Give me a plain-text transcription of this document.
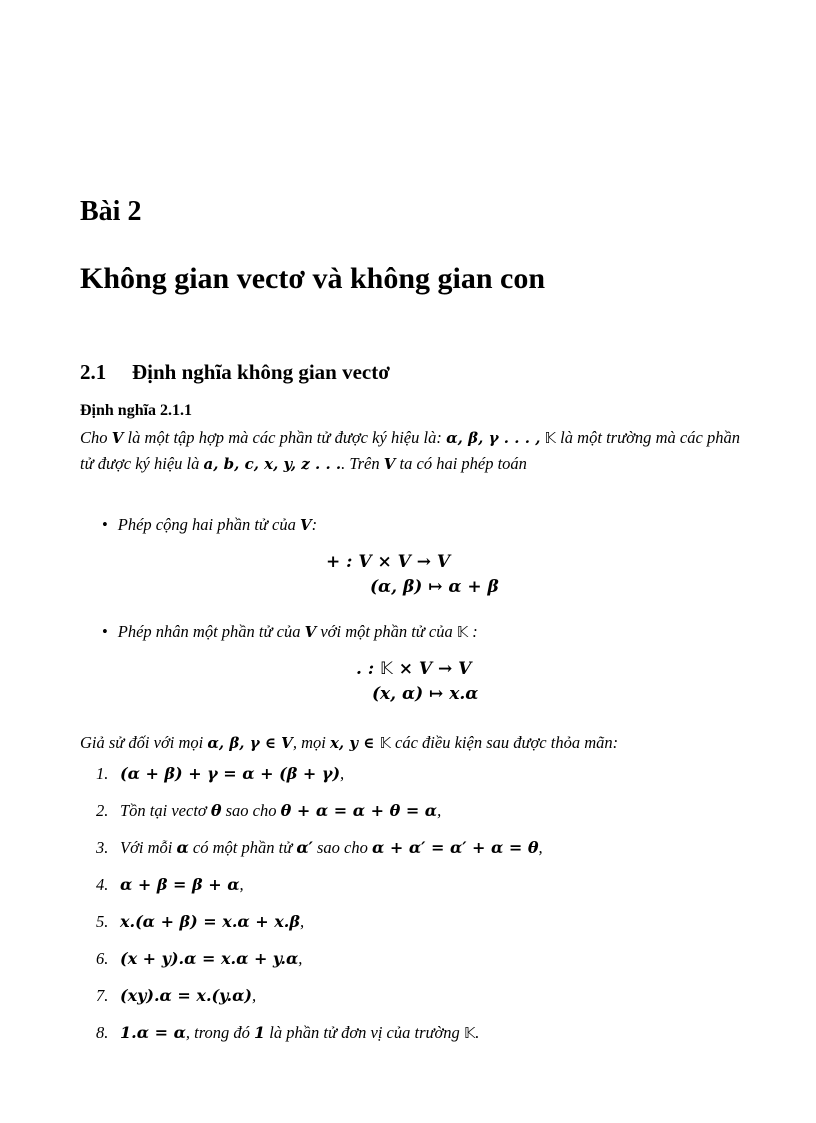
Bài 2
Không gian vectơ và không gian con
2.1 Định nghĩa không gian vectơ
Định nghĩa 2.1.1
Cho V là một tập hợp mà các phần tử được ký hiệu là: α, β, γ . . . , 𝕂 là một trường mà các phần tử được ký hiệu là a, b, c, x, y, z . . .. Trên V ta có hai phép toán
• Phép cộng hai phần tử của V:
+ : V × V → V
(α, β) ↦ α + β
• Phép nhân một phần tử của V với một phần tử của 𝕂 :
. : 𝕂 × V → V
(x, α) ↦ x.α
Giả sử đối với mọi α, β, γ ∈ V, mọi x, y ∈ 𝕂 các điều kiện sau được thỏa mãn:
1. (α + β) + γ = α + (β + γ),
2. Tồn tại vectơ θ sao cho θ + α = α + θ = α,
3. Với mỗi α có một phần tử α′ sao cho α + α′ = α′ + α = θ,
4. α + β = β + α,
5. x.(α + β) = x.α + x.β,
6. (x + y).α = x.α + y.α,
7. (xy).α = x.(y.α),
8. 1.α = α, trong đó 1 là phần tử đơn vị của trường 𝕂.
